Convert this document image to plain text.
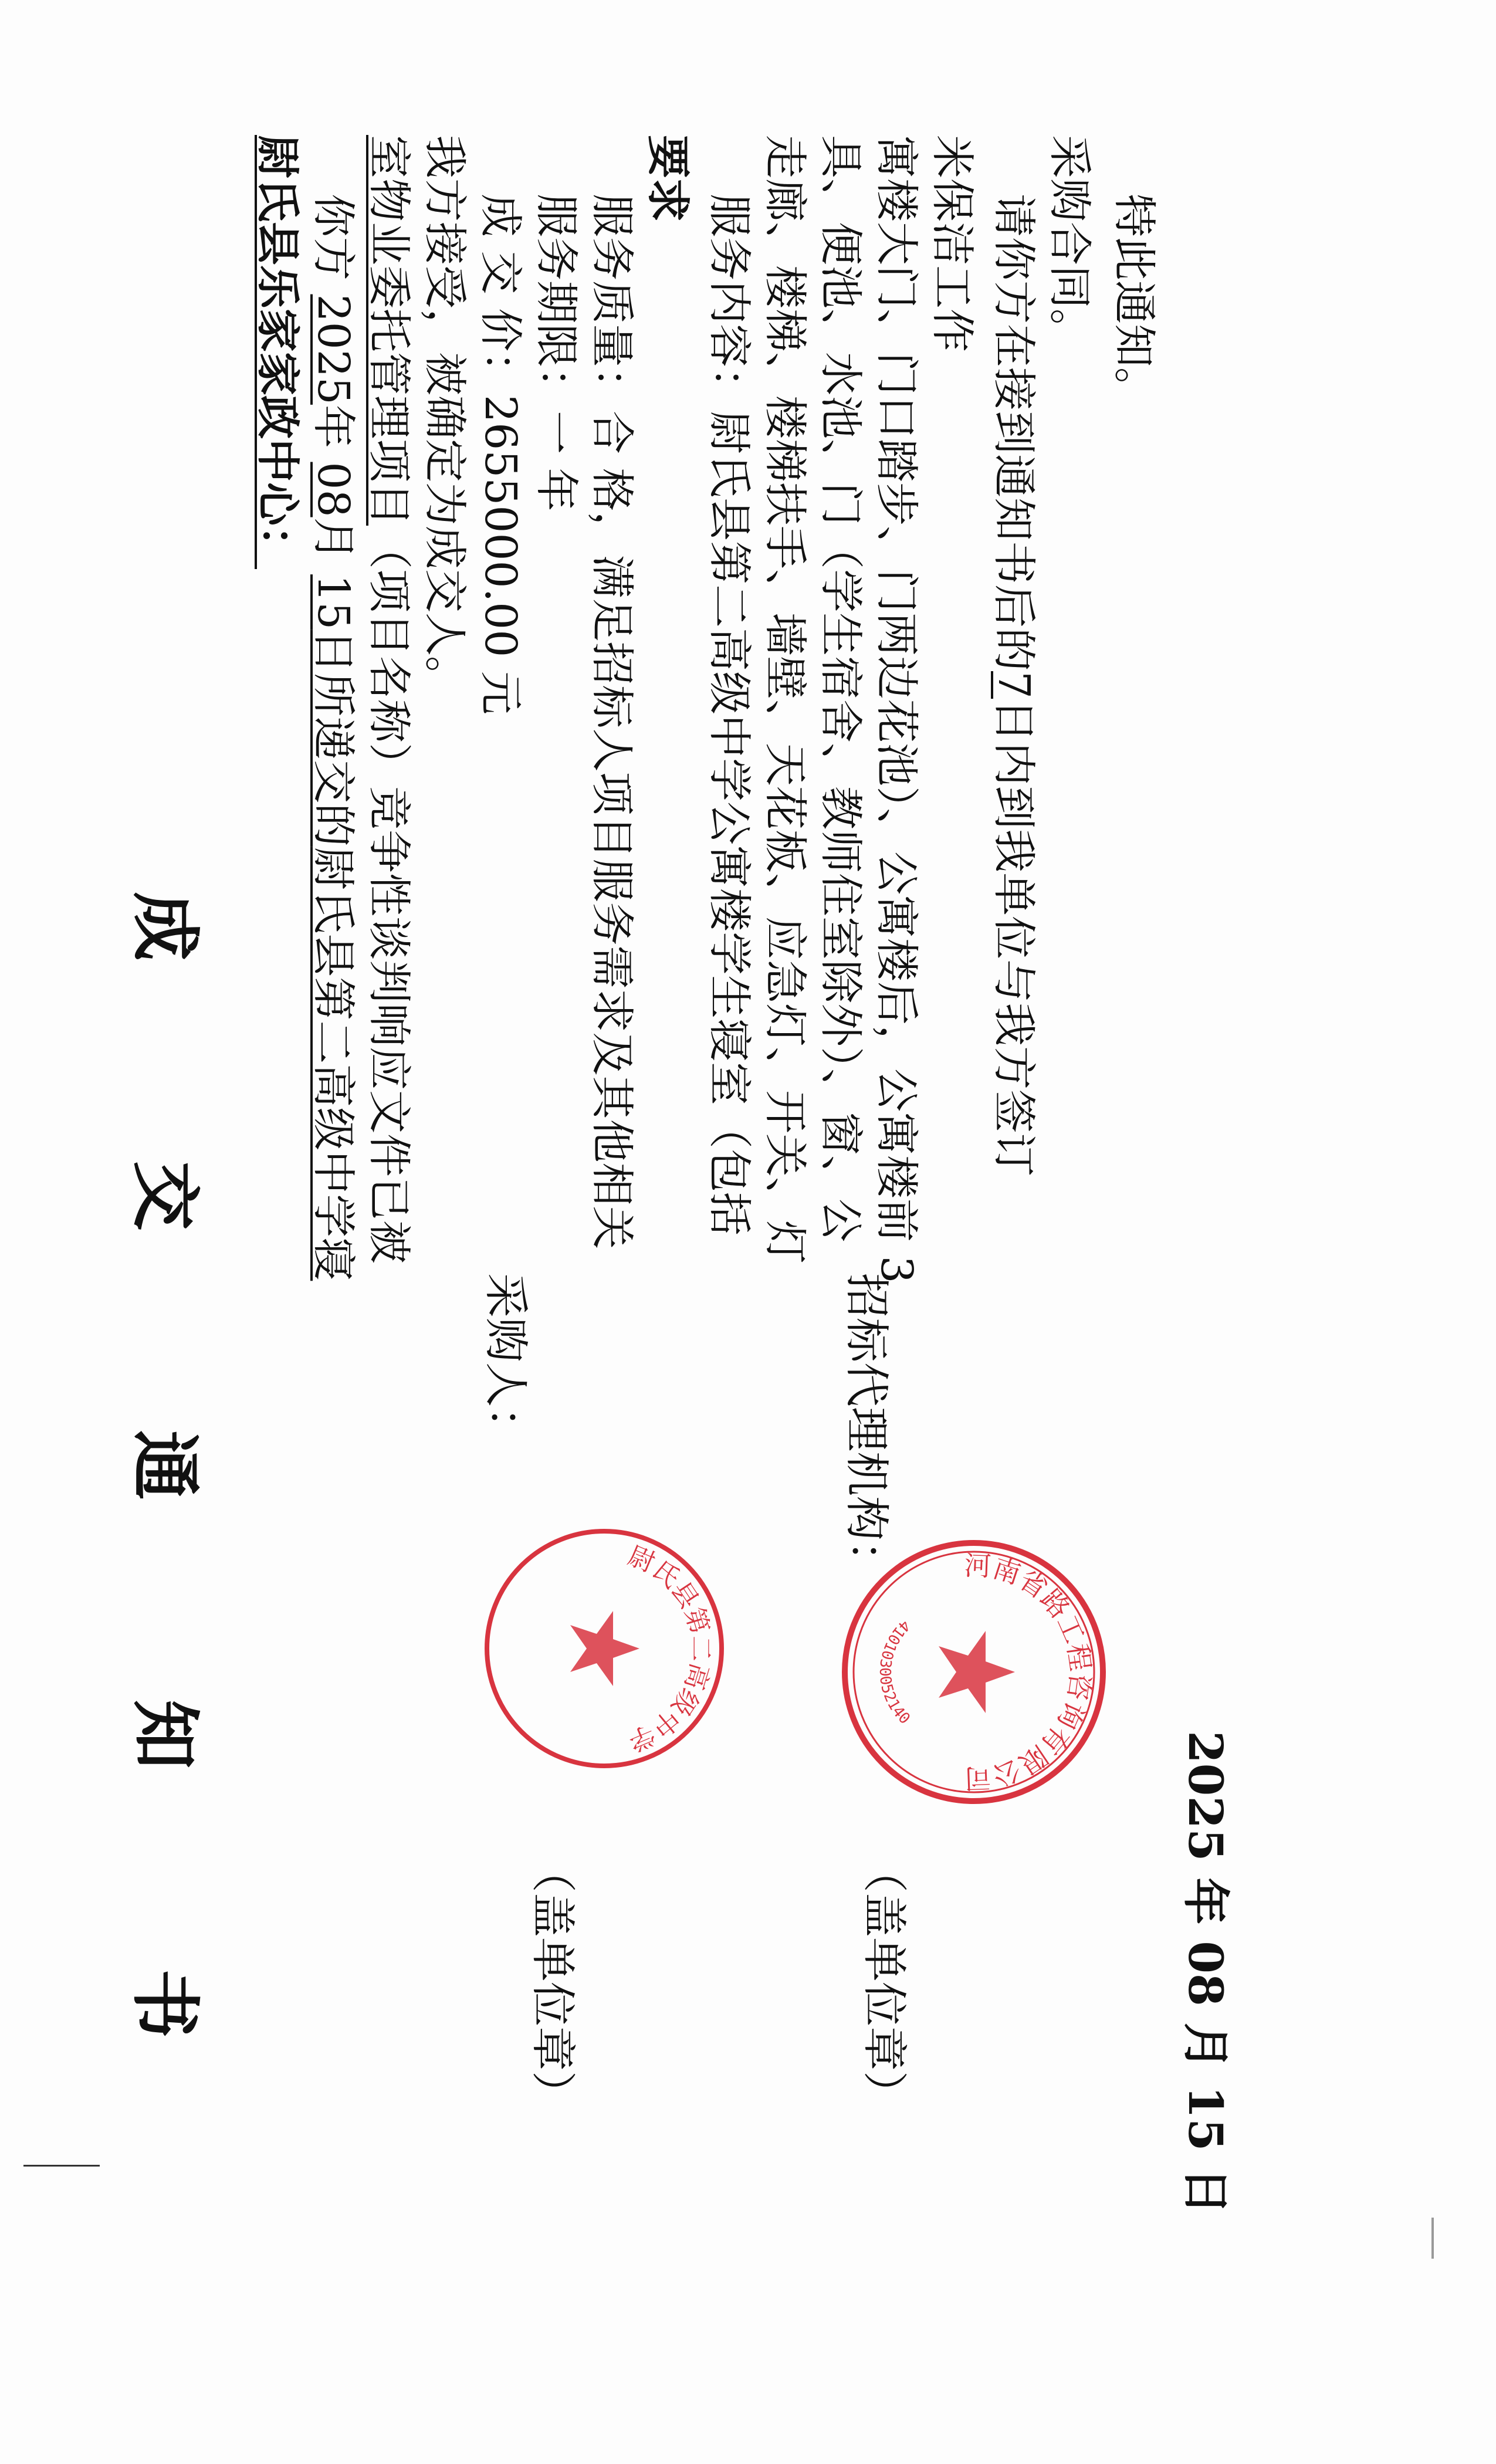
成 交 通 知 书
尉氏县乐家家政中心： 你方 2025年 08月 15日所递交的尉氏县第二高级中学寝
室物业委托管理项目（项目名称）竞争性谈判响应文件已被
我方接受，被确定为成交人。 成 交 价：2655000.00 元
服务期限：一 年
服务质量：合 格，满足招标人项目服务需求及其他相关
要求
服务内容：尉氏县第二高级中学公寓楼学生寝室（包括 走廊、楼梯、楼梯扶手、墙壁、天花板、应急灯、开关、灯 具、便池、水池、门（学生宿舍、教师住室除外）、窗、公 寓楼大门、门口踏步、门两边花池）、公寓楼后，公寓楼前 3 米保洁工作 请你方在接到通知书后的7日内到我单位与我方签订
采购合同。 特此通知。
采购人：
（盖单位章）
招标代理机构：
（盖单位章）	2025 年 08 月 15 日
尉氏县第二高级中学
河南省路工程咨询有限公司
4101030052140
